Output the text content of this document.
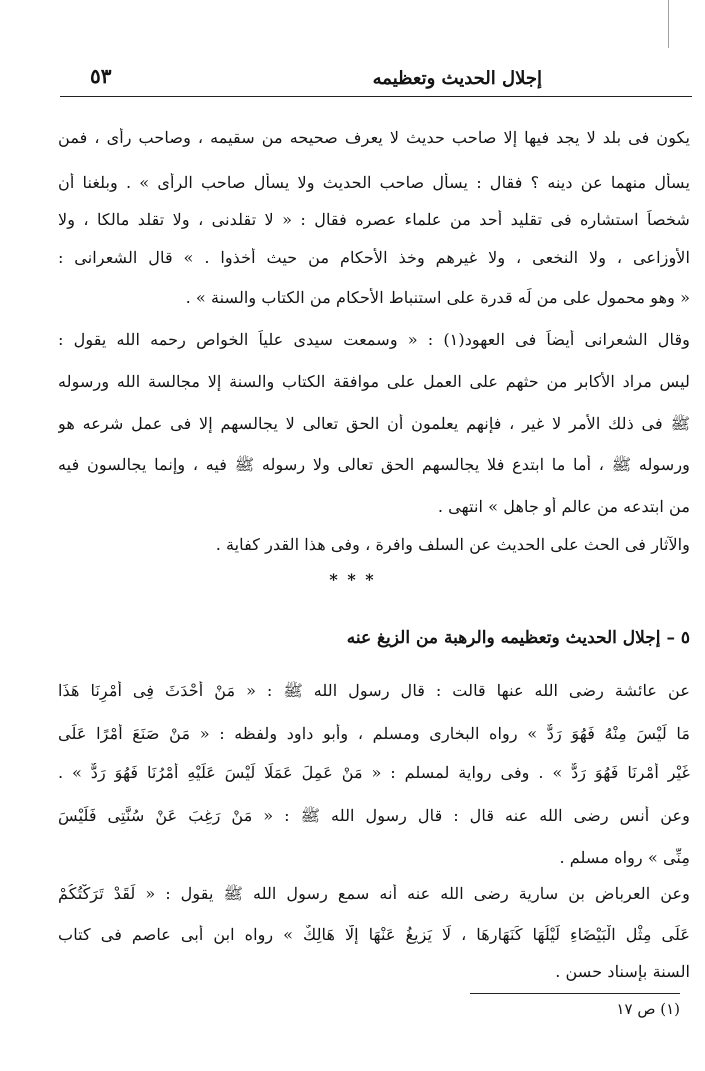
إجلال الحديث وتعظيمه
٥٣
يكون فى بلد لا يجد فيها إلا صاحب حديث لا يعرف صحيحه من سقيمه ، وصاحب رأى ، فمن
يسأل منهما عن دينه ؟ فقال : يسأل صاحب الحديث ولا يسأل صاحب الرأى » . وبلغنا أن
شخصاً استشاره فى تقليد أحد من علماء عصره فقال : « لا تقلدنى ، ولا تقلد مالكا ، ولا
الأوزاعى ، ولا النخعى ، ولا غيرهم وخذ الأحكام من حيث أخذوا . » قال الشعرانى :
« وهو محمول على من لَه قدرة على استنباط الأحكام من الكتاب والسنة » .
وقال الشعرانى أيضاً فى العهود(١) : « وسمعت سيدى علياً الخواص رحمه الله يقول :
ليس مراد الأكابر من حثهم على العمل على موافقة الكتاب والسنة إلا مجالسة الله ورسوله
ﷺ فى ذلك الأمر لا غير ، فإنهم يعلمون أن الحق تعالى لا يجالسهم إلا فى عمل شرعه هو
ورسوله ﷺ ، أما ما ابتدع فلا يجالسهم الحق تعالى ولا رسوله ﷺ فيه ، وإنما يجالسون فيه
من ابتدعه من عالم أو جاهل » انتهى .
والآثار فى الحث على الحديث عن السلف وافرة ، وفى هذا القدر كفاية .
* * *
٥ – إجلال الحديث وتعظيمه والرهبة من الزيغ عنه
عن عائشة رضى الله عنها قالت : قال رسول الله ﷺ : « مَنْ أَحْدَثَ فِى أَمْرِنَا هَذَا
مَا لَيْسَ مِنْهُ فَهُوَ رَدٌّ » رواه البخارى ومسلم ، وأبو داود ولفظه : « مَنْ صَنَعَ أَمْرًا عَلَى
غَيْرِ أَمْرِنَا فَهُوَ رَدٌّ » . وفى رواية لمسلم : « مَنْ عَمِلَ عَمَلًا لَيْسَ عَلَيْهِ أَمْرُنَا فَهُوَ رَدٌّ » .
وعن أنس رضى الله عنه قال : قال رسول الله ﷺ : « مَنْ رَغِبَ عَنْ سُنَّتِى فَلَيْسَ
مِنِّى » رواه مسلم .
وعن العرباض بن سارية رضى الله عنه أنه سمع رسول الله ﷺ يقول : « لَقَدْ تَرَكْتُكُمْ
عَلَى مِثْلِ الْبَيْضَاءِ لَيْلُهَا كَنَهَارِهَا ، لَا يَزِيغُ عَنْهَا إِلَّا هَالِكٌ » رواه ابن أبى عاصم فى كتاب
السنة بإسناد حسن .
(١) ص ١٧
